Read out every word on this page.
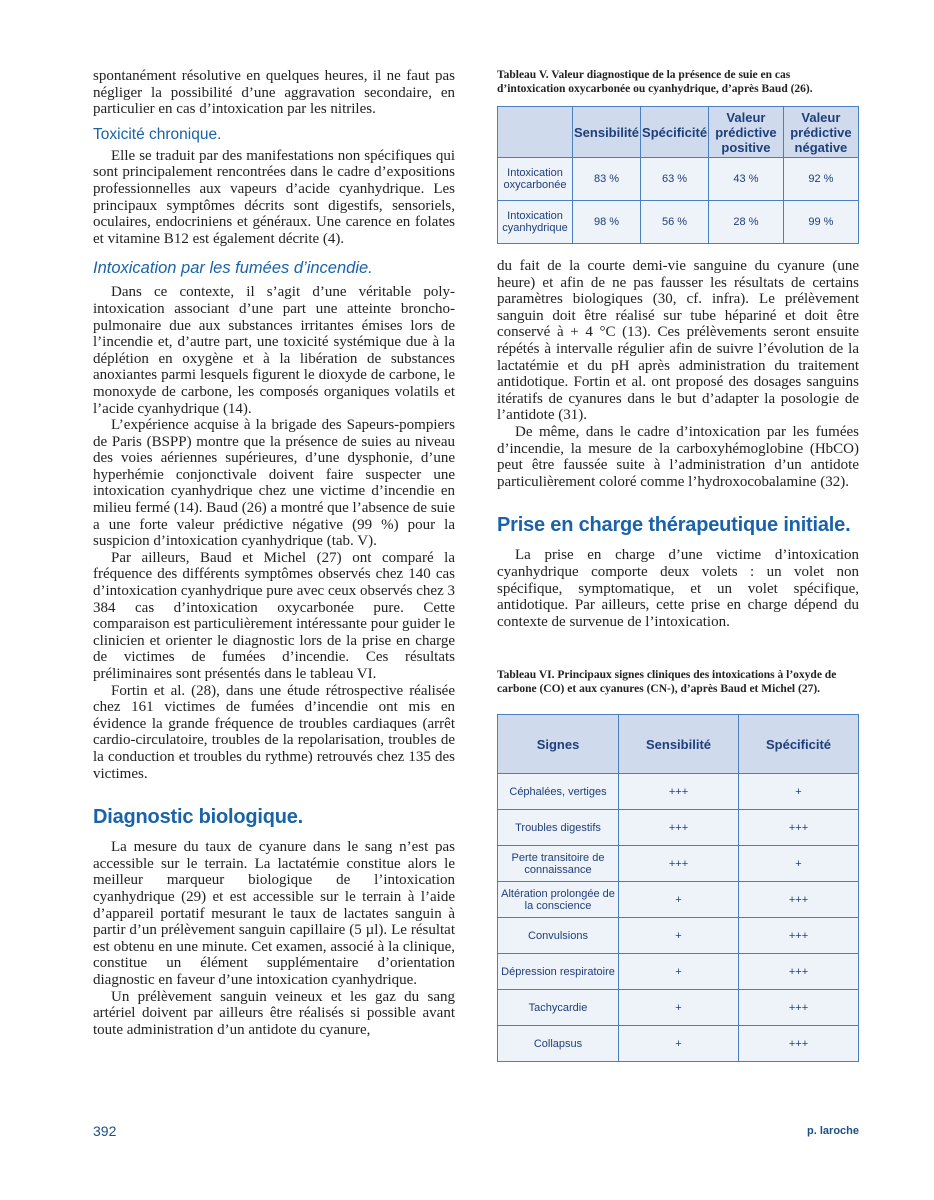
spontanément résolutive en quelques heures, il ne faut pas négliger la possibilité d’une aggravation secondaire, en particulier en cas d’intoxication par les nitriles.

Toxicité chronique.

Elle se traduit par des manifestations non spécifiques qui sont principalement rencontrées dans le cadre d’expositions professionnelles aux vapeurs d’acide cyanhydrique. Les principaux symptômes décrits sont digestifs, sensoriels, oculaires, endocriniens et généraux. Une carence en folates et vitamine B12 est également décrite (4).

Intoxication par les fumées d’incendie.

Dans ce contexte, il s’agit d’une véritable poly-intoxication associant d’une part une atteinte broncho-pulmonaire due aux substances irritantes émises lors de l’incendie et, d’autre part, une toxicité systémique due à la déplétion en oxygène et à la libération de substances anoxiantes parmi lesquels figurent le dioxyde de carbone, le monoxyde de carbone, les composés organiques volatils et l’acide cyanhydrique (14).

L’expérience acquise à la brigade des Sapeurs-pompiers de Paris (BSPP) montre que la présence de suies au niveau des voies aériennes supérieures, d’une dysphonie, d’une hyperhémie conjonctivale doivent faire suspecter une intoxication cyanhydrique chez une victime d’incendie en milieu fermé (14). Baud (26) a montré que l’absence de suie a une forte valeur prédictive négative (99 %) pour la suspicion d’intoxication cyanhydrique (tab. V).

Par ailleurs, Baud et Michel (27) ont comparé la fréquence des différents symptômes observés chez 140 cas d’intoxication cyanhydrique pure avec ceux observés chez 3 384 cas d’intoxication oxycarbonée pure. Cette comparaison est particulièrement intéressante pour guider le clinicien et orienter le diagnostic lors de la prise en charge de victimes de fumées d’incendie. Ces résultats préliminaires sont présentés dans le tableau VI.

Fortin et al. (28), dans une étude rétrospective réalisée chez 161 victimes de fumées d’incendie ont mis en évidence la grande fréquence de troubles cardiaques (arrêt cardio-circulatoire, troubles de la repolarisation, troubles de la conduction et troubles du rythme) retrouvés chez 135 des victimes.

Diagnostic biologique.

La mesure du taux de cyanure dans le sang n’est pas accessible sur le terrain. La lactatémie constitue alors le meilleur marqueur biologique de l’intoxication cyanhydrique (29) et est accessible sur le terrain à l’aide d’appareil portatif mesurant le taux de lactates sanguin à partir d’un prélèvement sanguin capillaire (5 µl). Le résultat est obtenu en une minute. Cet examen, associé à la clinique, constitue un élément supplémentaire d’orientation diagnostic en faveur d’une intoxication cyanhydrique.

Un prélèvement sanguin veineux et les gaz du sang artériel doivent par ailleurs être réalisés si possible avant toute administration d’un antidote du cyanure,

Tableau V. Valeur diagnostique de la présence de suie en cas d’intoxication oxycarbonée ou cyanhydrique, d’après Baud (26).

	Sensibilité	Spécificité	Valeur prédictive positive	Valeur prédictive négative
Intoxication oxycarbonée	83 %	63 %	43 %	92 %
Intoxication cyanhydrique	98 %	56 %	28 %	99 %

du fait de la courte demi-vie sanguine du cyanure (une heure) et afin de ne pas fausser les résultats de certains paramètres biologiques (30, cf. infra). Le prélèvement sanguin doit être réalisé sur tube hépariné et doit être conservé à + 4 °C (13). Ces prélèvements seront ensuite répétés à intervalle régulier afin de suivre l’évolution de la lactatémie et du pH après administration du traitement antidotique. Fortin et al. ont proposé des dosages sanguins itératifs de cyanures dans le but d’adapter la posologie de l’antidote (31).

De même, dans le cadre d’intoxication par les fumées d’incendie, la mesure de la carboxyhémoglobine (HbCO) peut être faussée suite à l’administration d’un antidote particulièrement coloré comme l’hydroxocobalamine (32).

Prise en charge thérapeutique initiale.

La prise en charge d’une victime d’intoxication cyanhydrique comporte deux volets : un volet non spécifique, symptomatique, et un volet spécifique, antidotique. Par ailleurs, cette prise en charge dépend du contexte de survenue de l’intoxication.

Tableau VI. Principaux signes cliniques des intoxications à l’oxyde de carbone (CO) et aux cyanures (CN-), d’après Baud et Michel (27).

Signes	Sensibilité	Spécificité
Céphalées, vertiges	+++	+
Troubles digestifs	+++	+++
Perte transitoire de connaissance	+++	+
Altération prolongée de la conscience	+	+++
Convulsions	+	+++
Dépression respiratoire	+	+++
Tachycardie	+	+++
Collapsus	+	+++
392	p. laroche
